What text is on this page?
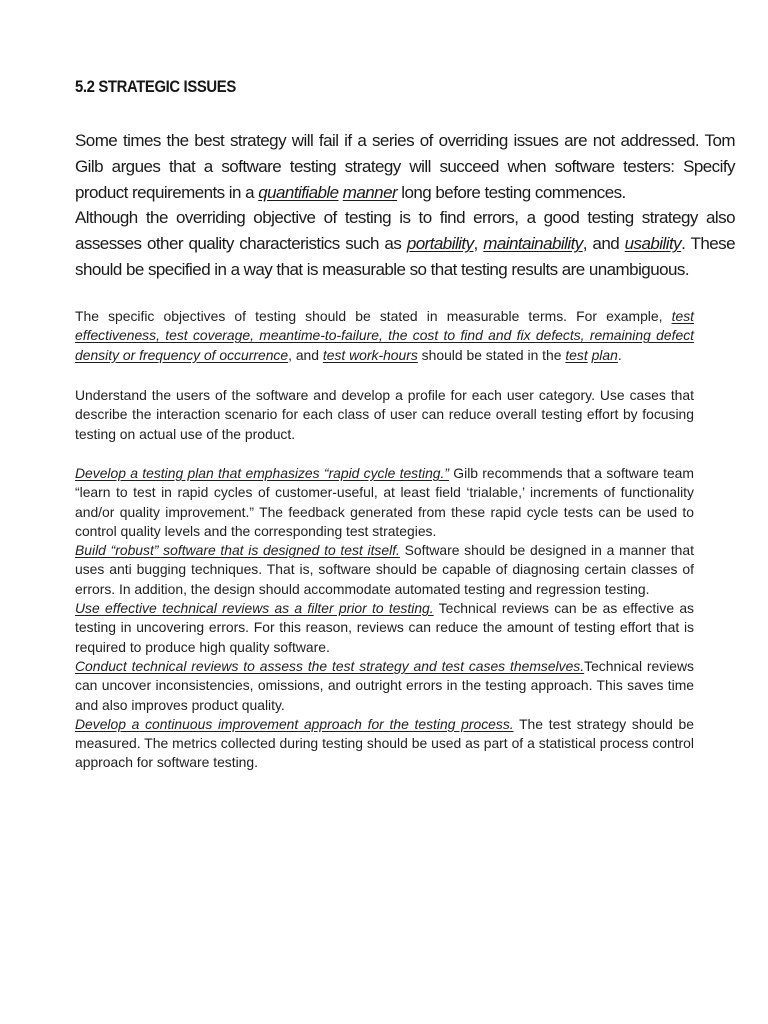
5.2 STRATEGIC ISSUES

Some times the best strategy will fail if a series of overriding issues are not addressed. Tom Gilb argues that a software testing strategy will succeed when software testers: Specify product requirements in a quantifiable manner long before testing commences.

Although the overriding objective of testing is to find errors, a good testing strategy also assesses other quality characteristics such as portability, maintainability, and usability. These should be specified in a way that is measurable so that testing results are unambiguous.

The specific objectives of testing should be stated in measurable terms. For example, test effectiveness, test coverage, meantime-to-failure, the cost to find and fix defects, remaining defect density or frequency of occurrence, and test work-hours should be stated in the test plan.

Understand the users of the software and develop a profile for each user category. Use cases that describe the interaction scenario for each class of user can reduce overall testing effort by focusing testing on actual use of the product.

Develop a testing plan that emphasizes “rapid cycle testing.” Gilb recommends that a software team “learn to test in rapid cycles of customer-useful, at least field ‘trialable,’ increments of functionality and/or quality improvement.” The feedback generated from these rapid cycle tests can be used to control quality levels and the corresponding test strategies.

Build “robust” software that is designed to test itself. Software should be designed in a manner that uses anti bugging techniques. That is, software should be capable of diagnosing certain classes of errors. In addition, the design should accommodate automated testing and regression testing.

Use effective technical reviews as a filter prior to testing. Technical reviews can be as effective as testing in uncovering errors. For this reason, reviews can reduce the amount of testing effort that is required to produce high quality software.

Conduct technical reviews to assess the test strategy and test cases themselves.Technical reviews can uncover inconsistencies, omissions, and outright errors in the testing approach. This saves time and also improves product quality.

Develop a continuous improvement approach for the testing process. The test strategy should be measured. The metrics collected during testing should be used as part of a statistical process control approach for software testing.
